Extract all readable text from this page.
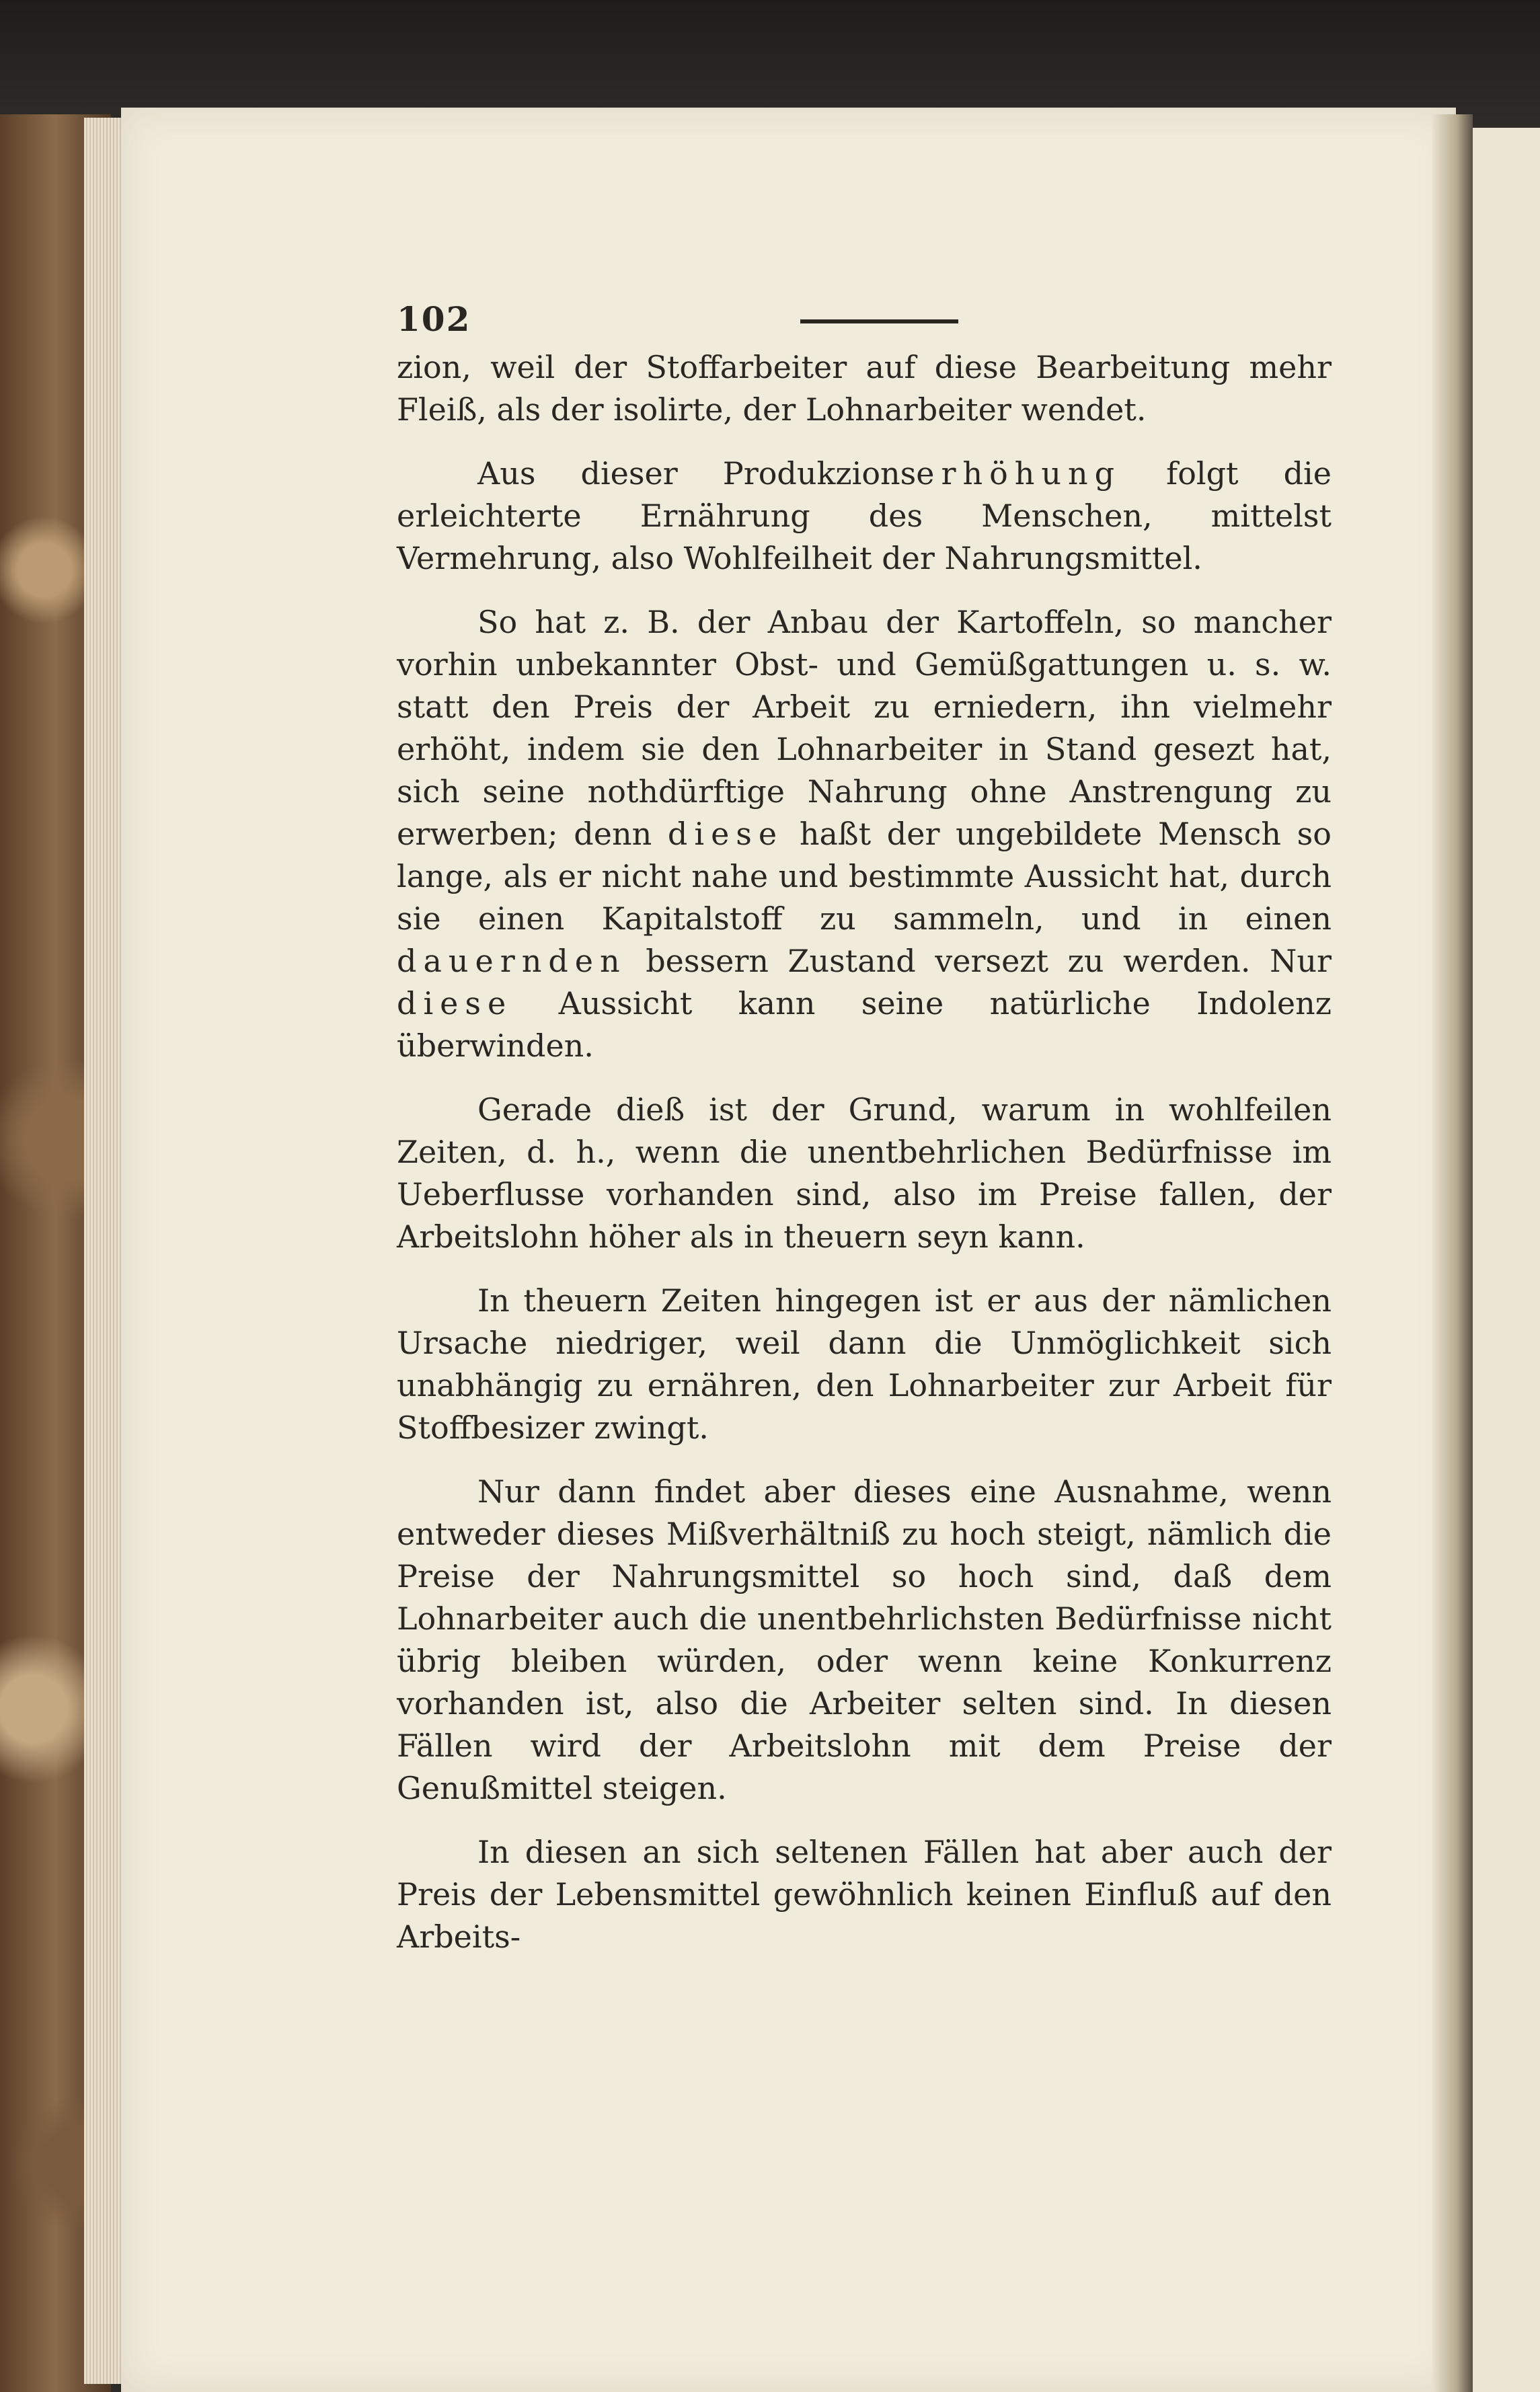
102

zion, weil der Stoffarbeiter auf diese Bearbeitung mehr Fleiß, als der isolirte, der Lohnarbeiter wendet.

Aus dieser Produkzionserhöhung folgt die erleichterte Ernährung des Menschen, mittelst Vermehrung, also Wohlfeilheit der Nahrungsmittel.

So hat z. B. der Anbau der Kartoffeln, so mancher vorhin unbekannter Obst- und Gemüßgattungen u. s. w. statt den Preis der Arbeit zu erniedern, ihn vielmehr erhöht, indem sie den Lohnarbeiter in Stand gesezt hat, sich seine nothdürftige Nahrung ohne Anstrengung zu erwerben; denn diese haßt der ungebildete Mensch so lange, als er nicht nahe und bestimmte Aussicht hat, durch sie einen Kapitalstoff zu sammeln, und in einen dauernden bessern Zustand versezt zu werden. Nur diese Aussicht kann seine natürliche Indolenz überwinden.

Gerade dieß ist der Grund, warum in wohlfeilen Zeiten, d. h., wenn die unentbehrlichen Bedürfnisse im Ueberflusse vorhanden sind, also im Preise fallen, der Arbeitslohn höher als in theuern seyn kann.

In theuern Zeiten hingegen ist er aus der nämlichen Ursache niedriger, weil dann die Unmöglichkeit sich unabhängig zu ernähren, den Lohnarbeiter zur Arbeit für Stoffbesizer zwingt.

Nur dann findet aber dieses eine Ausnahme, wenn entweder dieses Mißverhältniß zu hoch steigt, nämlich die Preise der Nahrungsmittel so hoch sind, daß dem Lohnarbeiter auch die unentbehrlichsten Bedürfnisse nicht übrig bleiben würden, oder wenn keine Konkurrenz vorhanden ist, also die Arbeiter selten sind. In diesen Fällen wird der Arbeitslohn mit dem Preise der Genußmittel steigen.

In diesen an sich seltenen Fällen hat aber auch der Preis der Lebensmittel gewöhnlich keinen Einfluß auf den Arbeits-
